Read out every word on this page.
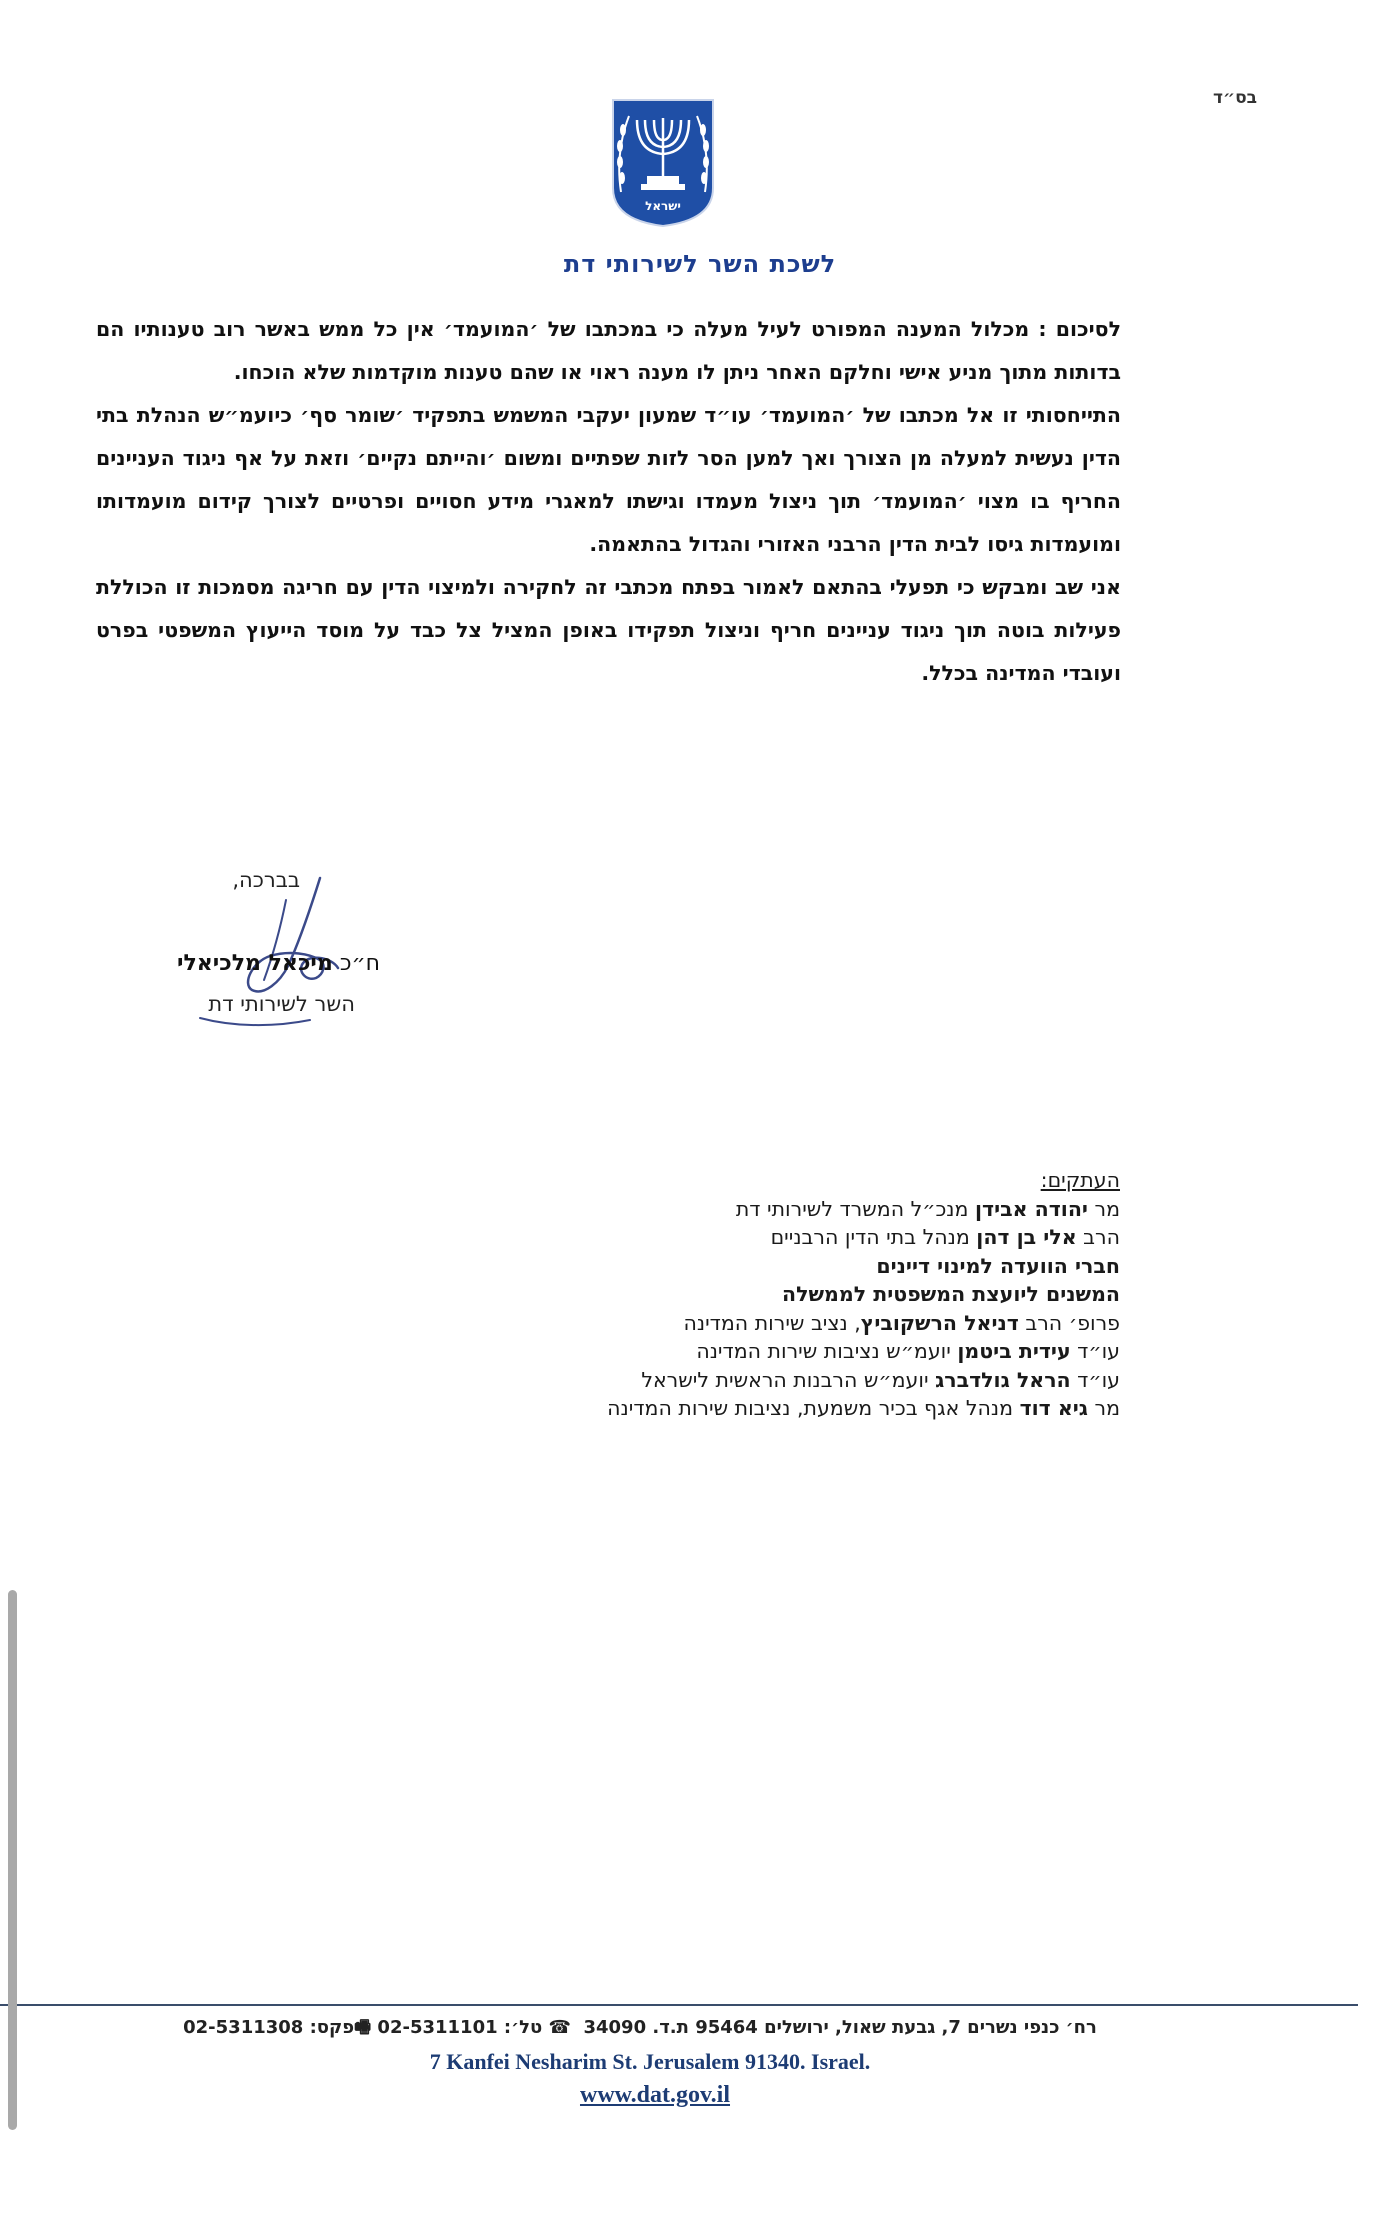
בס״ד
ישראל
לשכת השר לשירותי דת

לסיכום : מכלול המענה המפורט לעיל מעלה כי במכתבו של ׳המועמד׳ אין כל ממש באשר רוב טענותיו הם בדותות מתוך מניע אישי וחלקם האחר ניתן לו מענה ראוי או שהם טענות מוקדמות שלא הוכחו.

התייחסותי זו אל מכתבו של ׳המועמד׳ עו״ד שמעון יעקבי המשמש בתפקיד ׳שומר סף׳ כיועמ״ש הנהלת בתי הדין נעשית למעלה מן הצורך ואך למען הסר לזות שפתיים ומשום ׳והייתם נקיים׳ וזאת על אף ניגוד העניינים החריף בו מצוי ׳המועמד׳ תוך ניצול מעמדו וגישתו למאגרי מידע חסויים ופרטיים לצורך קידום מועמדותו ומועמדות גיסו לבית הדין הרבני האזורי והגדול בהתאמה.

אני שב ומבקש כי תפעלי בהתאם לאמור בפתח מכתבי זה לחקירה ולמיצוי הדין עם חריגה מסמכות זו הכוללת פעילות בוטה תוך ניגוד עניינים חריף וניצול תפקידו באופן המציל צל כבד על מוסד הייעוץ המשפטי בפרט ועובדי המדינה בכלל.

בברכה,
ח״כ מיכאל מלכיאלי
השר לשירותי דת
העתקים:
מר יהודה אבידן מנכ״ל המשרד לשירותי דת
הרב אלי בן דהן מנהל בתי הדין הרבניים
חברי הוועדה למינוי דיינים
המשנים ליועצת המשפטית לממשלה
פרופ׳ הרב דניאל הרשקוביץ, נציב שירות המדינה
עו״ד עידית ביטמן יועמ״ש נציבות שירות המדינה
עו״ד הראל גולדברג יועמ״ש הרבנות הראשית לישראל
מר גיא דוד מנהל אגף בכיר משמעת, נציבות שירות המדינה
רח׳ כנפי נשרים 7, גבעת שאול, ירושלים 95464 ת.ד. 34090  ☎ טל׳: 02-5311101 🖷פקס: 02-5311308
7 Kanfei Nesharim St. Jerusalem 91340. Israel.
www.dat.gov.il
